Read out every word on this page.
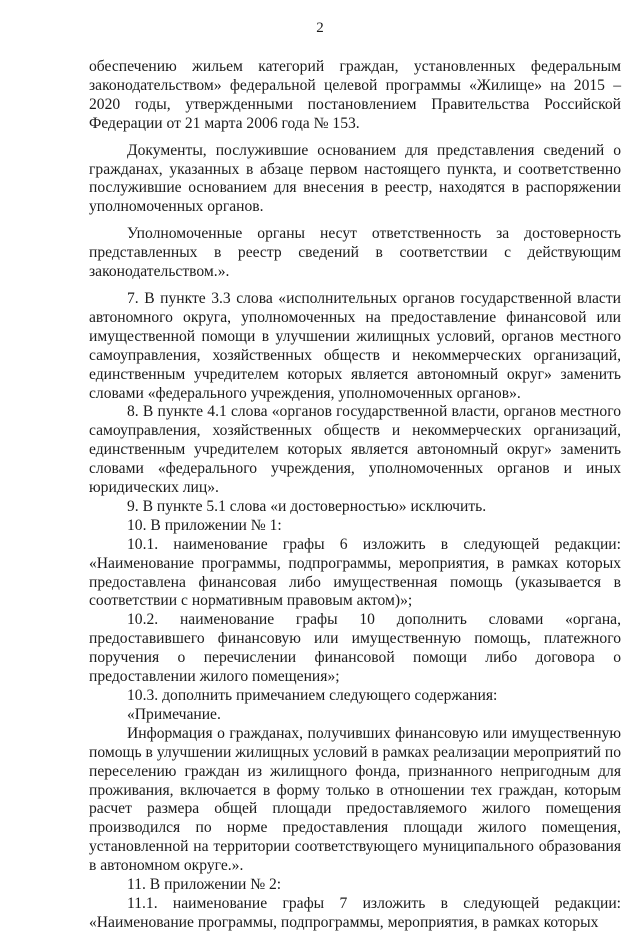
2

обеспечению жильем категорий граждан, установленных федеральным законодательством» федеральной целевой программы «Жилище» на 2015 – 2020 годы, утвержденными постановлением Правительства Российской Федерации от 21 марта 2006 года № 153.

Документы, послужившие основанием для представления сведений о гражданах, указанных в абзаце первом настоящего пункта, и соответственно послужившие основанием для внесения в реестр, находятся в распоряжении уполномоченных органов.

Уполномоченные органы несут ответственность за достоверность представленных в реестр сведений в соответствии с действующим законодательством.».

7. В пункте 3.3 слова «исполнительных органов государственной власти автономного округа, уполномоченных на предоставление финансовой или имущественной помощи в улучшении жилищных условий, органов местного самоуправления, хозяйственных обществ и некоммерческих организаций, единственным учредителем которых является автономный округ» заменить словами «федерального учреждения, уполномоченных органов».

8. В пункте 4.1 слова «органов государственной власти, органов местного самоуправления, хозяйственных обществ и некоммерческих организаций, единственным учредителем которых является автономный округ» заменить словами «федерального учреждения, уполномоченных органов и иных юридических лиц».

9. В пункте 5.1 слова «и достоверностью» исключить.

10. В приложении № 1:

10.1. наименование графы 6 изложить в следующей редакции: «Наименование программы, подпрограммы, мероприятия, в рамках которых предоставлена финансовая либо имущественная помощь (указывается в соответствии с нормативным правовым актом)»;

10.2. наименование графы 10 дополнить словами «органа, предоставившего финансовую или имущественную помощь, платежного поручения о перечислении финансовой помощи либо договора о предоставлении жилого помещения»;

10.3. дополнить примечанием следующего содержания:

«Примечание.

Информация о гражданах, получивших финансовую или имущественную помощь в улучшении жилищных условий в рамках реализации мероприятий по переселению граждан из жилищного фонда, признанного непригодным для проживания, включается в форму только в отношении тех граждан, которым расчет размера общей площади предоставляемого жилого помещения производился по норме предоставления площади жилого помещения, установленной на территории соответствующего муниципального образования в автономном округе.».

11. В приложении № 2:

11.1. наименование графы 7 изложить в следующей редакции: «Наименование программы, подпрограммы, мероприятия, в рамках которых
